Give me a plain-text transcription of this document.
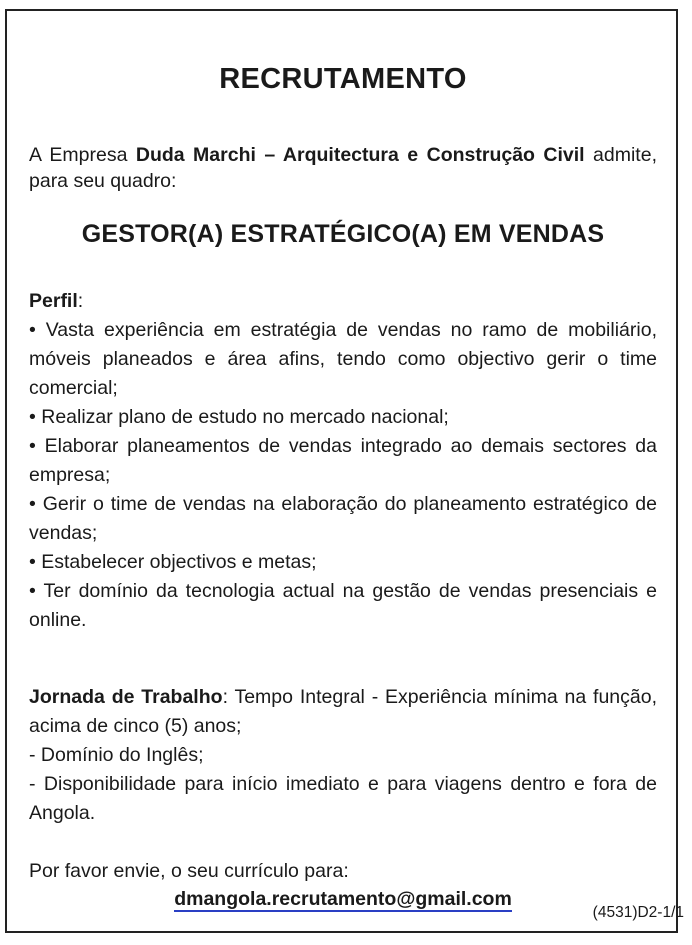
RECRUTAMENTO

A Empresa Duda Marchi – Arquitectura e Construção Civil admite, para seu quadro:

GESTOR(A) ESTRATÉGICO(A) EM VENDAS

Perfil:

• Vasta experiência em estratégia de vendas no ramo de mobiliário, móveis planeados e área afins, tendo como objectivo gerir o time comercial;

• Realizar plano de estudo no mercado nacional;

• Elaborar planeamentos de vendas integrado ao demais sectores da empresa;

• Gerir o time de vendas na elaboração do planeamento estratégico de vendas;

• Estabelecer objectivos e metas;

• Ter domínio da tecnologia actual na gestão de vendas presenciais e online.

Jornada de Trabalho: Tempo Integral - Experiência mínima na função, acima de cinco (5) anos;

- Domínio do Inglês;

- Disponibilidade para início imediato e para viagens dentro e fora de Angola.

Por favor envie, o seu currículo para:

dmangola.recrutamento@gmail.com

(4531)D2-1/1
